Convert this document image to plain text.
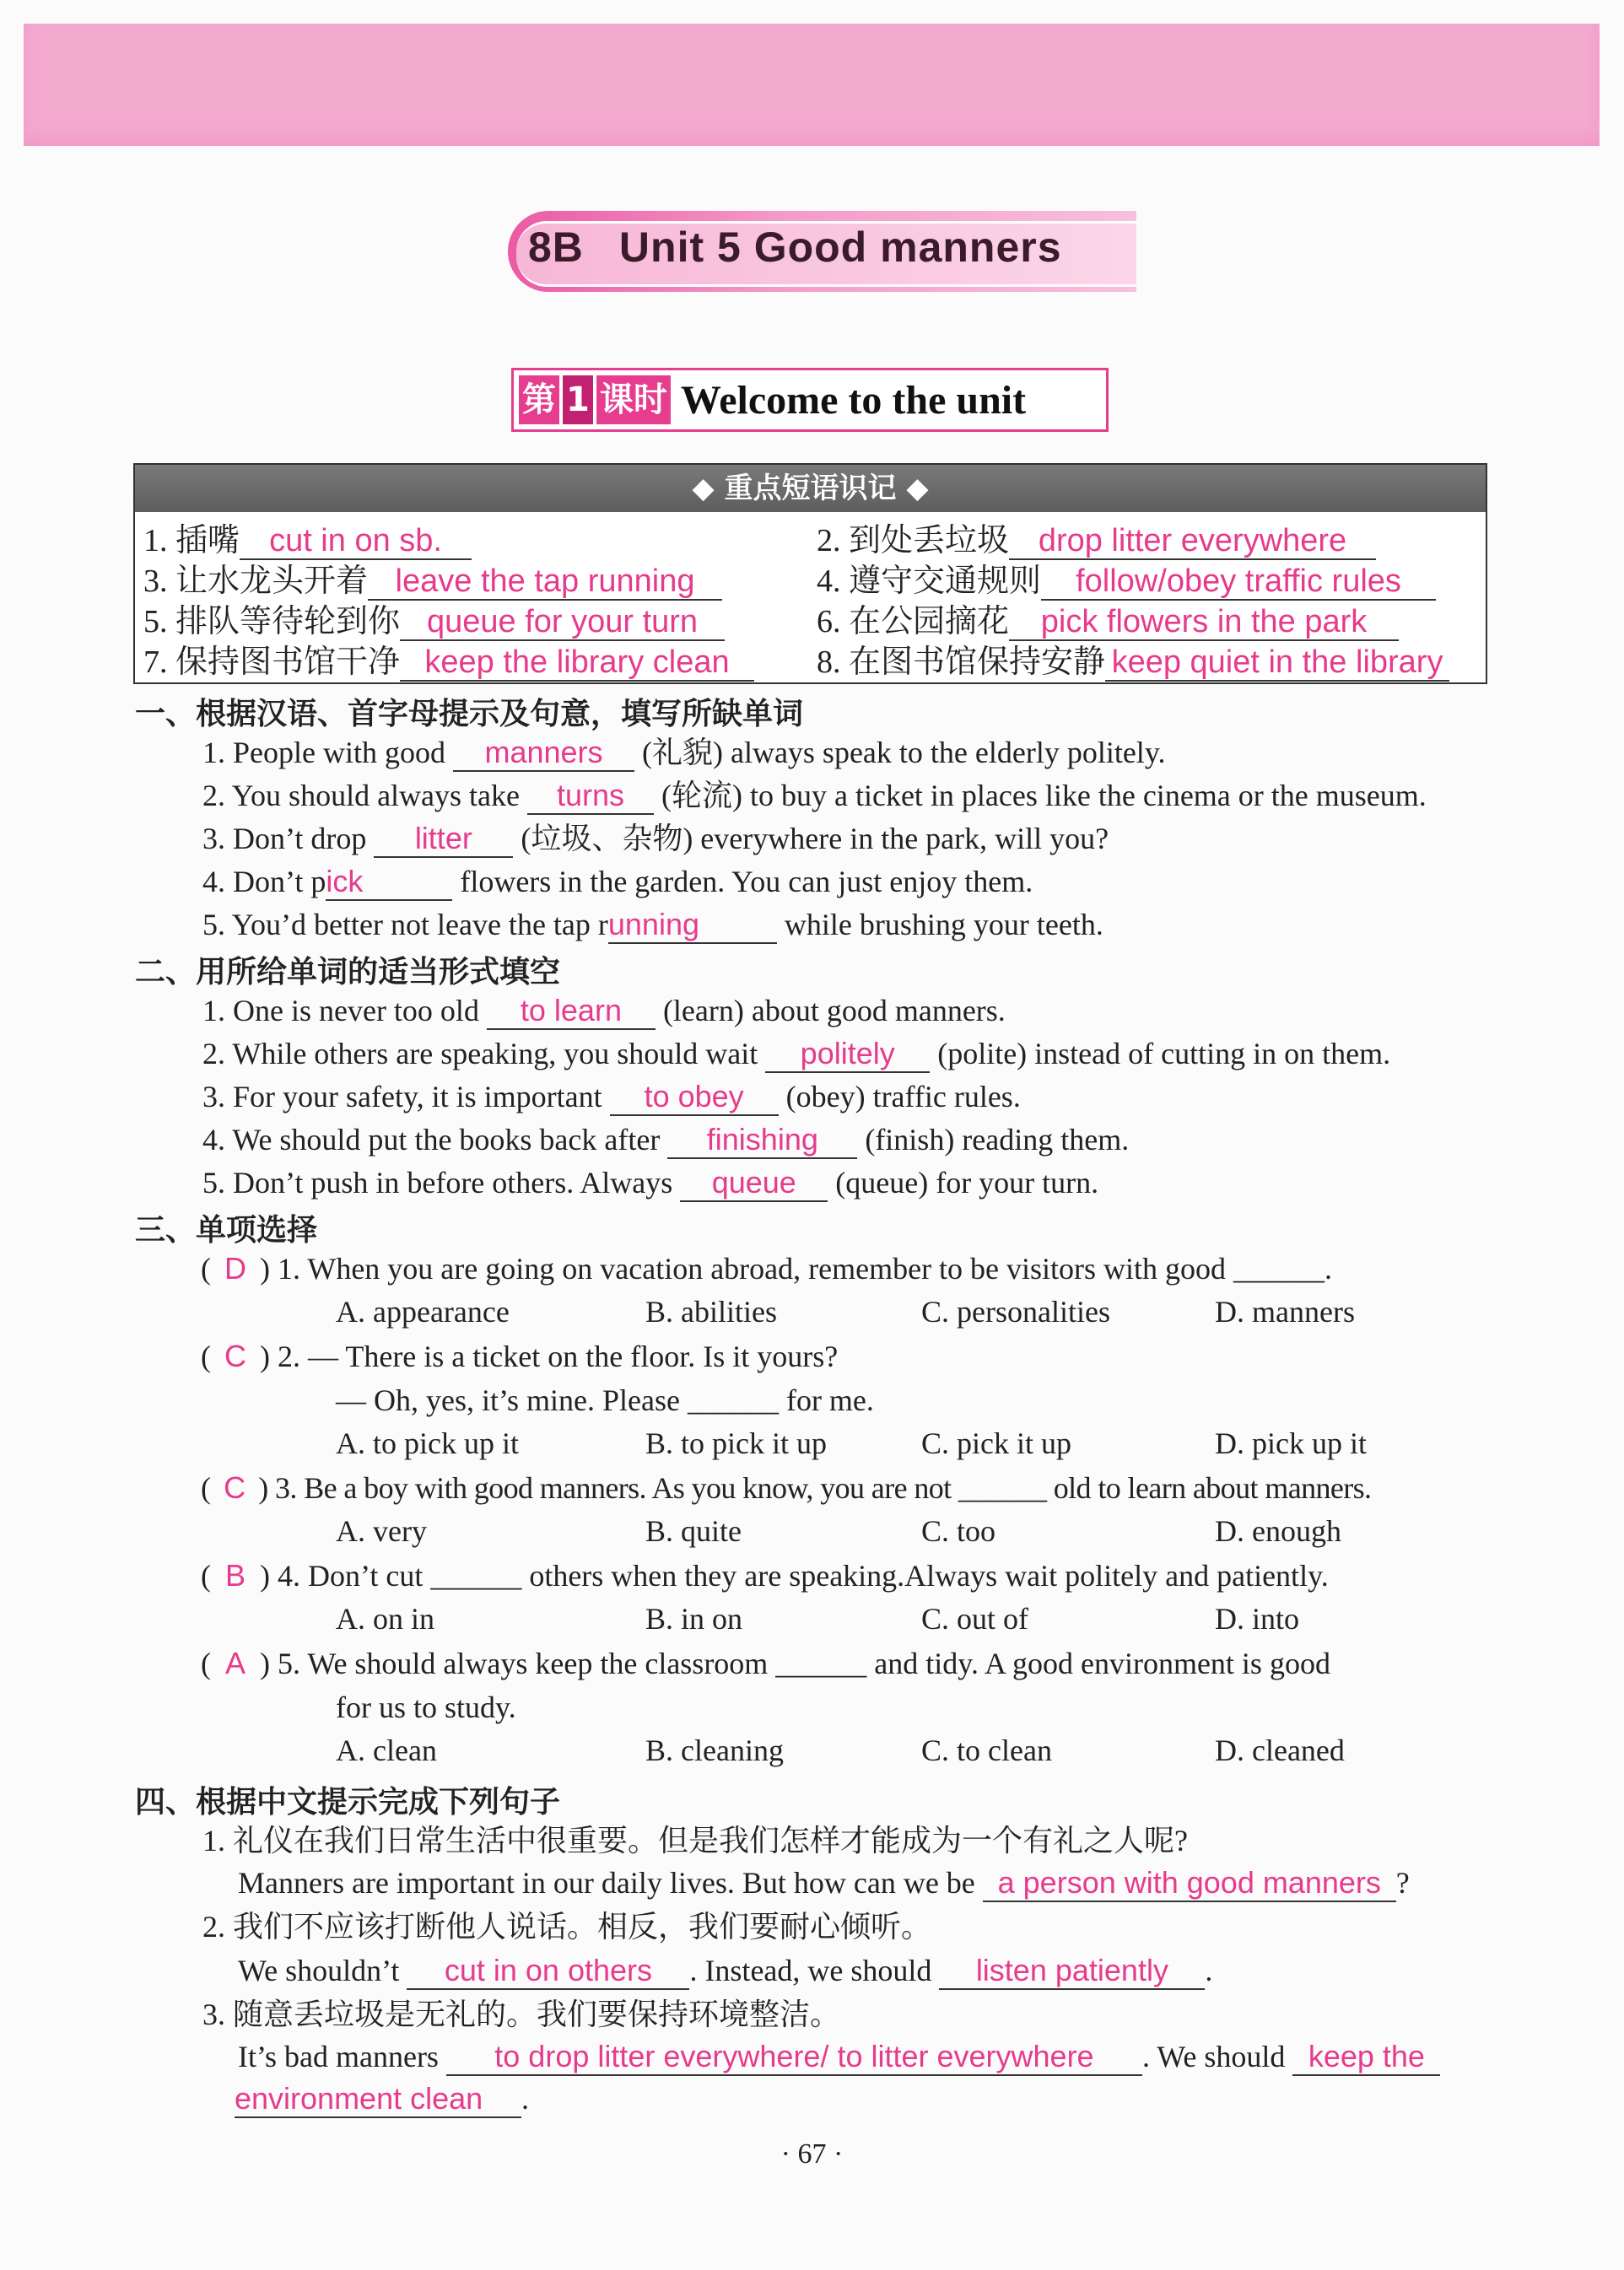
8B Unit 5 Good manners
第 1 课时 Welcome to the unit
◆ 重点短语识记 ◆
1. 插嘴 cut in on sb.	2. 到处丢垃圾 drop litter everywhere
3. 让水龙头开着 leave the tap running	4. 遵守交通规则 follow/obey traffic rules
5. 排队等待轮到你 queue for your turn	6. 在公园摘花 pick flowers in the park
7. 保持图书馆干净 keep the library clean	8. 在图书馆保持安静 keep quiet in the library
一、根据汉语、首字母提示及句意，填写所缺单词
1. People with good manners (礼貌) always speak to the elderly politely.
2. You should always take turns (轮流) to buy a ticket in places like the cinema or the museum.
3. Don’t drop litter (垃圾、杂物) everywhere in the park, will you?
4. Don’t pick	flowers in the garden. You can just enjoy them.
5. You’d better not leave the tap running	while brushing your teeth.
二、用所给单词的适当形式填空
1. One is never too old to learn (learn) about good manners.
2. While others are speaking, you should wait politely (polite) instead of cutting in on them.
3. For your safety, it is important to obey (obey) traffic rules.
4. We should put the books back after finishing (finish) reading them.
5. Don’t push in before others. Always queue (queue) for your turn.
三、单项选择
( D ) 1. When you are going on vacation abroad, remember to be visitors with good ______.
A. appearance	B. abilities	C. personalities	D. manners
( C ) 2. — There is a ticket on the floor. Is it yours?
— Oh, yes, it’s mine. Please ______ for me.
A. to pick up it	B. to pick it up	C. pick it up	D. pick up it
( C ) 3. Be a boy with good manners. As you know, you are not ______ old to learn about manners.
A. very	B. quite	C. too	D. enough
( B ) 4. Don’t cut ______ others when they are speaking.Always wait politely and patiently.
A. on in	B. in on	C. out of	D. into
( A ) 5. We should always keep the classroom ______ and tidy. A good environment is good
for us to study.
A. clean	B. cleaning	C. to clean	D. cleaned
四、根据中文提示完成下列句子
1. 礼仪在我们日常生活中很重要。但是我们怎样才能成为一个有礼之人呢?
Manners are important in our daily lives. But how can we be a person with good manners ?
2. 我们不应该打断他人说话。相反，我们要耐心倾听。
We shouldn’t cut in on others . Instead, we should listen patiently .
3. 随意丢垃圾是无礼的。我们要保持环境整洁。
It’s bad manners to drop litter everywhere/ to litter everywhere . We should keep the
environment clean .
· 67 ·
